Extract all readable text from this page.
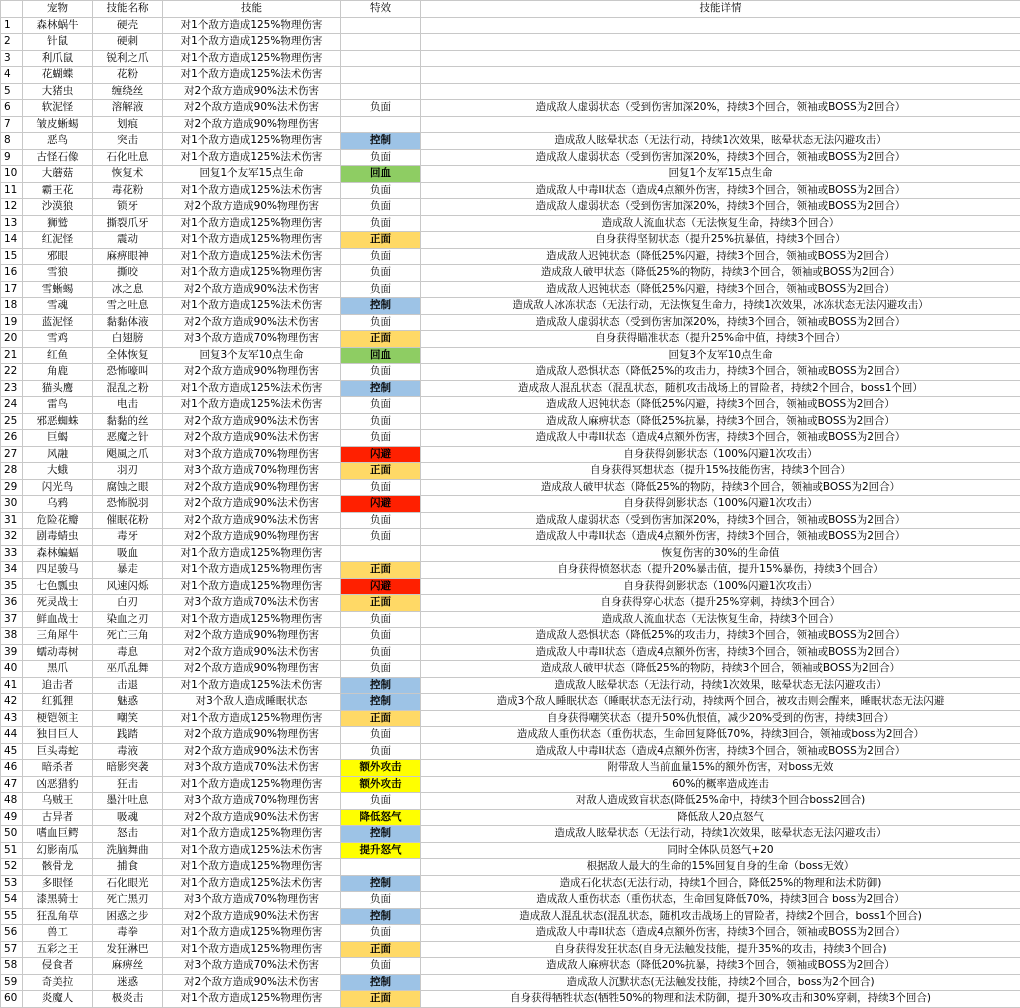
	宠物	技能名称	技能	特效	技能详情
1	森林蜗牛	硬壳	对1个敌方造成125%物理伤害		
2	针鼠	硬刺	对1个敌方造成125%物理伤害		
3	利爪鼠	锐利之爪	对1个敌方造成125%物理伤害		
4	花蝴蝶	花粉	对1个敌方造成125%法术伤害		
5	大猪虫	缠绕丝	对2个敌方造成90%法术伤害		
6	软泥怪	溶解液	对2个敌方造成90%法术伤害	负面	造成敌人虚弱状态（受到伤害加深20%，持续3个回合，领袖或BOSS为2回合）
7	皱皮蜥蜴	划痕	对2个敌方造成90%物理伤害		
8	恶鸟	突击	对1个敌方造成125%物理伤害	控制	造成敌人眩晕状态（无法行动，持续1次效果，眩晕状态无法闪避攻击）
9	古怪石像	石化吐息	对1个敌方造成125%法术伤害	负面	造成敌人虚弱状态（受到伤害加深20%，持续3个回合，领袖或BOSS为2回合）
10	大蘑菇	恢复术	回复1个友军15点生命	回血	回复1个友军15点生命
11	霸王花	毒花粉	对1个敌方造成125%法术伤害	负面	造成敌人中毒II状态（造成4点额外伤害，持续3个回合，领袖或BOSS为2回合）
12	沙漠狼	锁牙	对2个敌方造成90%物理伤害	负面	造成敌人虚弱状态（受到伤害加深20%，持续3个回合，领袖或BOSS为2回合）
13	狮鹫	撕裂爪牙	对1个敌方造成125%物理伤害	负面	造成敌人流血状态（无法恢复生命，持续3个回合）
14	红泥怪	震动	对1个敌方造成125%物理伤害	正面	自身获得坚韧状态（提升25%抗暴值，持续3个回合）
15	邪眼	麻痹眼神	对1个敌方造成125%法术伤害	负面	造成敌人迟钝状态（降低25%闪避，持续3个回合，领袖或BOSS为2回合）
16	雪狼	撕咬	对1个敌方造成125%物理伤害	负面	造成敌人破甲状态（降低25%的物防，持续3个回合，领袖或BOSS为2回合）
17	雪蜥蜴	冰之息	对2个敌方造成90%法术伤害	负面	造成敌人迟钝状态（降低25%闪避，持续3个回合，领袖或BOSS为2回合）
18	雪魂	雪之吐息	对1个敌方造成125%法术伤害	控制	造成敌人冰冻状态（无法行动，无法恢复生命力，持续1次效果，冰冻状态无法闪避攻击）
19	蓝泥怪	黏黏体液	对2个敌方造成90%法术伤害	负面	造成敌人虚弱状态（受到伤害加深20%，持续3个回合，领袖或BOSS为2回合）
20	雪鸡	白翅膀	对3个敌方造成70%物理伤害	正面	自身获得瞄准状态（提升25%命中值，持续3个回合）
21	红鱼	全体恢复	回复3个友军10点生命	回血	回复3个友军10点生命
22	角鹿	恐怖嚎叫	对2个敌方造成90%物理伤害	负面	造成敌人恐惧状态（降低25%的攻击力，持续3个回合，领袖或BOSS为2回合）
23	猫头鹰	混乱之粉	对1个敌方造成125%法术伤害	控制	造成敌人混乱状态（混乱状态，随机攻击战场上的冒险者，持续2个回合，boss1个回）
24	雷鸟	电击	对1个敌方造成125%法术伤害	负面	造成敌人迟钝状态（降低25%闪避，持续3个回合，领袖或BOSS为2回合）
25	邪恶蜘蛛	黏黏的丝	对2个敌方造成90%法术伤害	负面	造成敌人麻痹状态（降低25%抗暴，持续3个回合，领袖或BOSS为2回合）
26	巨蝎	恶魔之针	对2个敌方造成90%法术伤害	负面	造成敌人中毒II状态（造成4点额外伤害，持续3个回合，领袖或BOSS为2回合）
27	风融	飓風之爪	对3个敌方造成70%物理伤害	闪避	自身获得剑影状态（100%闪避1次攻击）
28	大蛾	羽刃	对3个敌方造成70%物理伤害	正面	自身获得冥想状态（提升15%技能伤害，持续3个回合）
29	闪光鸟	腐蚀之眼	对2个敌方造成90%物理伤害	负面	造成敌人破甲状态（降低25%的物防，持续3个回合，领袖或BOSS为2回合）
30	乌鸦	恐怖脱羽	对2个敌方造成90%法术伤害	闪避	自身获得剑影状态（100%闪避1次攻击）
31	危险花瓣	催眠花粉	对2个敌方造成90%法术伤害	负面	造成敌人虚弱状态（受到伤害加深20%，持续3个回合，领袖或BOSS为2回合）
32	剧毒蜻虫	毒牙	对2个敌方造成90%物理伤害	负面	造成敌人中毒II状态（造成4点额外伤害，持续3个回合，领袖或BOSS为2回合）
33	森林蝙蝠	吸血	对1个敌方造成125%物理伤害		恢复伤害的30%的生命值
34	四足骏马	暴走	对1个敌方造成125%物理伤害	正面	自身获得愤怒状态（提升20%暴击值，提升15%暴伤，持续3个回合）
35	七色瓢虫	风速闪烁	对1个敌方造成125%物理伤害	闪避	自身获得剑影状态（100%闪避1次攻击）
36	死灵战士	白刃	对3个敌方造成70%法术伤害	正面	自身获得穿心状态（提升25%穿刺，持续3个回合）
37	鲜血战士	染血之刃	对1个敌方造成125%物理伤害	负面	造成敌人流血状态（无法恢复生命，持续3个回合）
38	三角犀牛	死亡三角	对2个敌方造成90%物理伤害	负面	造成敌人恐惧状态（降低25%的攻击力，持续3个回合，领袖或BOSS为2回合）
39	蠕动毒树	毒息	对2个敌方造成90%法术伤害	负面	造成敌人中毒II状态（造成4点额外伤害，持续3个回合，领袖或BOSS为2回合）
40	黑爪	巫爪乱舞	对2个敌方造成90%物理伤害	负面	造成敌人破甲状态（降低25%的物防，持续3个回合，领袖或BOSS为2回合）
41	追击者	击退	对1个敌方造成125%法术伤害	控制	造成敌人眩晕状态（无法行动，持续1次效果，眩晕状态无法闪避攻击）
42	红狐狸	魅惑	对3个敌人造成睡眠状态	控制	造成3个敌人睡眠状态（睡眠状态无法行动，持续两个回合，被攻击则会醒来，睡眠状态无法闪避
43	梗铠领主	嘲笑	对1个敌方造成125%物理伤害	正面	自身获得嘲笑状态（提升50%仇恨值，减少20%受到的伤害，持续3回合）
44	独目巨人	践踏	对2个敌方造成90%物理伤害	负面	造成敌人重伤状态（重伤状态，生命回复降低70%，持续3回合，领袖或boss为2回合）
45	巨头毒蛇	毒液	对2个敌方造成90%法术伤害	负面	造成敌人中毒II状态（造成4点额外伤害，持续3个回合，领袖或BOSS为2回合）
46	暗杀者	暗影突袭	对3个敌方造成70%法术伤害	额外攻击	附带敌人当前血量15%的额外伤害，对boss无效
47	凶恶猎豹	狂击	对1个敌方造成125%物理伤害	额外攻击	60%的概率造成连击
48	乌贼王	墨汁吐息	对3个敌方造成70%物理伤害	负面	对敌人造成致盲状态(降低25%命中，持续3个回合boss2回合)
49	古异者	吸魂	对2个敌方造成90%法术伤害	降低怒气	降低敌人20点怒气
50	嗜血巨鳄	怒击	对1个敌方造成125%物理伤害	控制	造成敌人眩晕状态（无法行动，持续1次效果，眩晕状态无法闪避攻击）
51	幻影南瓜	洗脑舞曲	对1个敌方造成125%法术伤害	提升怒气	同时全体队员怒气+20
52	骸骨龙	捕食	对1个敌方造成125%物理伤害		根据敌人最大的生命的15%回复自身的生命（boss无效）
53	多眼怪	石化眼光	对1个敌方造成125%法术伤害	控制	造成石化状态(无法行动，持续1个回合，降低25%的物理和法术防御)
54	漆黑骑士	死亡黑刃	对3个敌方造成70%物理伤害	负面	造成敌人重伤状态（重伤状态，生命回复降低70%，持续3回合 boss为2回合）
55	狂乱角草	困惑之步	对2个敌方造成90%法术伤害	控制	造成敌人混乱状态(混乱状态，随机攻击战场上的冒险者，持续2个回合，boss1个回合)
56	兽工	毒拳	对1个敌方造成125%物理伤害	负面	造成敌人中毒II状态（造成4点额外伤害，持续3个回合，领袖或BOSS为2回合）
57	五彩之王	发狂淋巴	对1个敌方造成125%物理伤害	正面	自身获得发狂状态(自身无法触发技能，提升35%的攻击，持续3个回合)
58	侵食者	麻痹丝	对3个敌方造成70%法术伤害	负面	造成敌人麻痹状态（降低20%抗暴，持续3个回合，领袖或BOSS为2回合）
59	奇美拉	迷惑	对2个敌方造成90%法术伤害	控制	造成敌人沉默状态(无法触发技能，持续2个回合，boss为2个回合)
60	炎魔人	极炎击	对1个敌方造成125%物理伤害	正面	自身获得牺牲状态(牺牲50%的物理和法术防御，提升30%攻击和30%穿刺，持续3个回合)
